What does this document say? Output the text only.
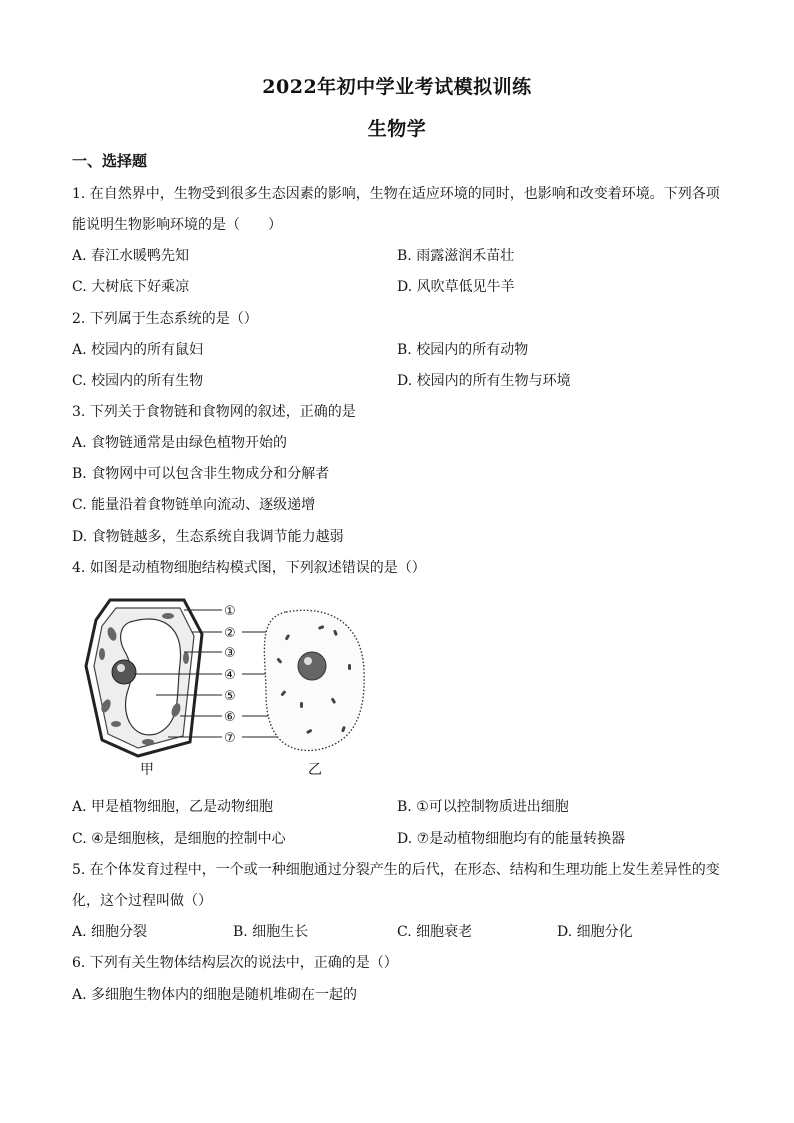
2022年初中学业考试模拟训练
生物学
一、选择题
1. 在自然界中，生物受到很多生态因素的影响，生物在适应环境的同时，也影响和改变着环境。下列各项
能说明生物影响环境的是（　　）
A. 春江水暖鸭先知	B. 雨露滋润禾苗壮
C. 大树底下好乘凉	D. 风吹草低见牛羊
2. 下列属于生态系统的是（）
A. 校园内的所有鼠妇	B. 校园内的所有动物
C. 校园内的所有生物	D. 校园内的所有生物与环境
3. 下列关于食物链和食物网的叙述，正确的是
A. 食物链通常是由绿色植物开始的
B. 食物网中可以包含非生物成分和分解者
C. 能量沿着食物链单向流动、逐级递增
D. 食物链越多，生态系统自我调节能力越弱
4. 如图是动植物细胞结构模式图，下列叙述错误的是（）
①
②
③
④
⑤
⑥
⑦
甲	乙
A. 甲是植物细胞，乙是动物细胞	B. ①可以控制物质进出细胞
C. ④是细胞核，是细胞的控制中心	D. ⑦是动植物细胞均有的能量转换器
5. 在个体发育过程中，一个或一种细胞通过分裂产生的后代，在形态、结构和生理功能上发生差异性的变
化，这个过程叫做（）
A. 细胞分裂	B. 细胞生长	C. 细胞衰老	D. 细胞分化
6. 下列有关生物体结构层次的说法中，正确的是（）
A. 多细胞生物体内的细胞是随机堆砌在一起的
